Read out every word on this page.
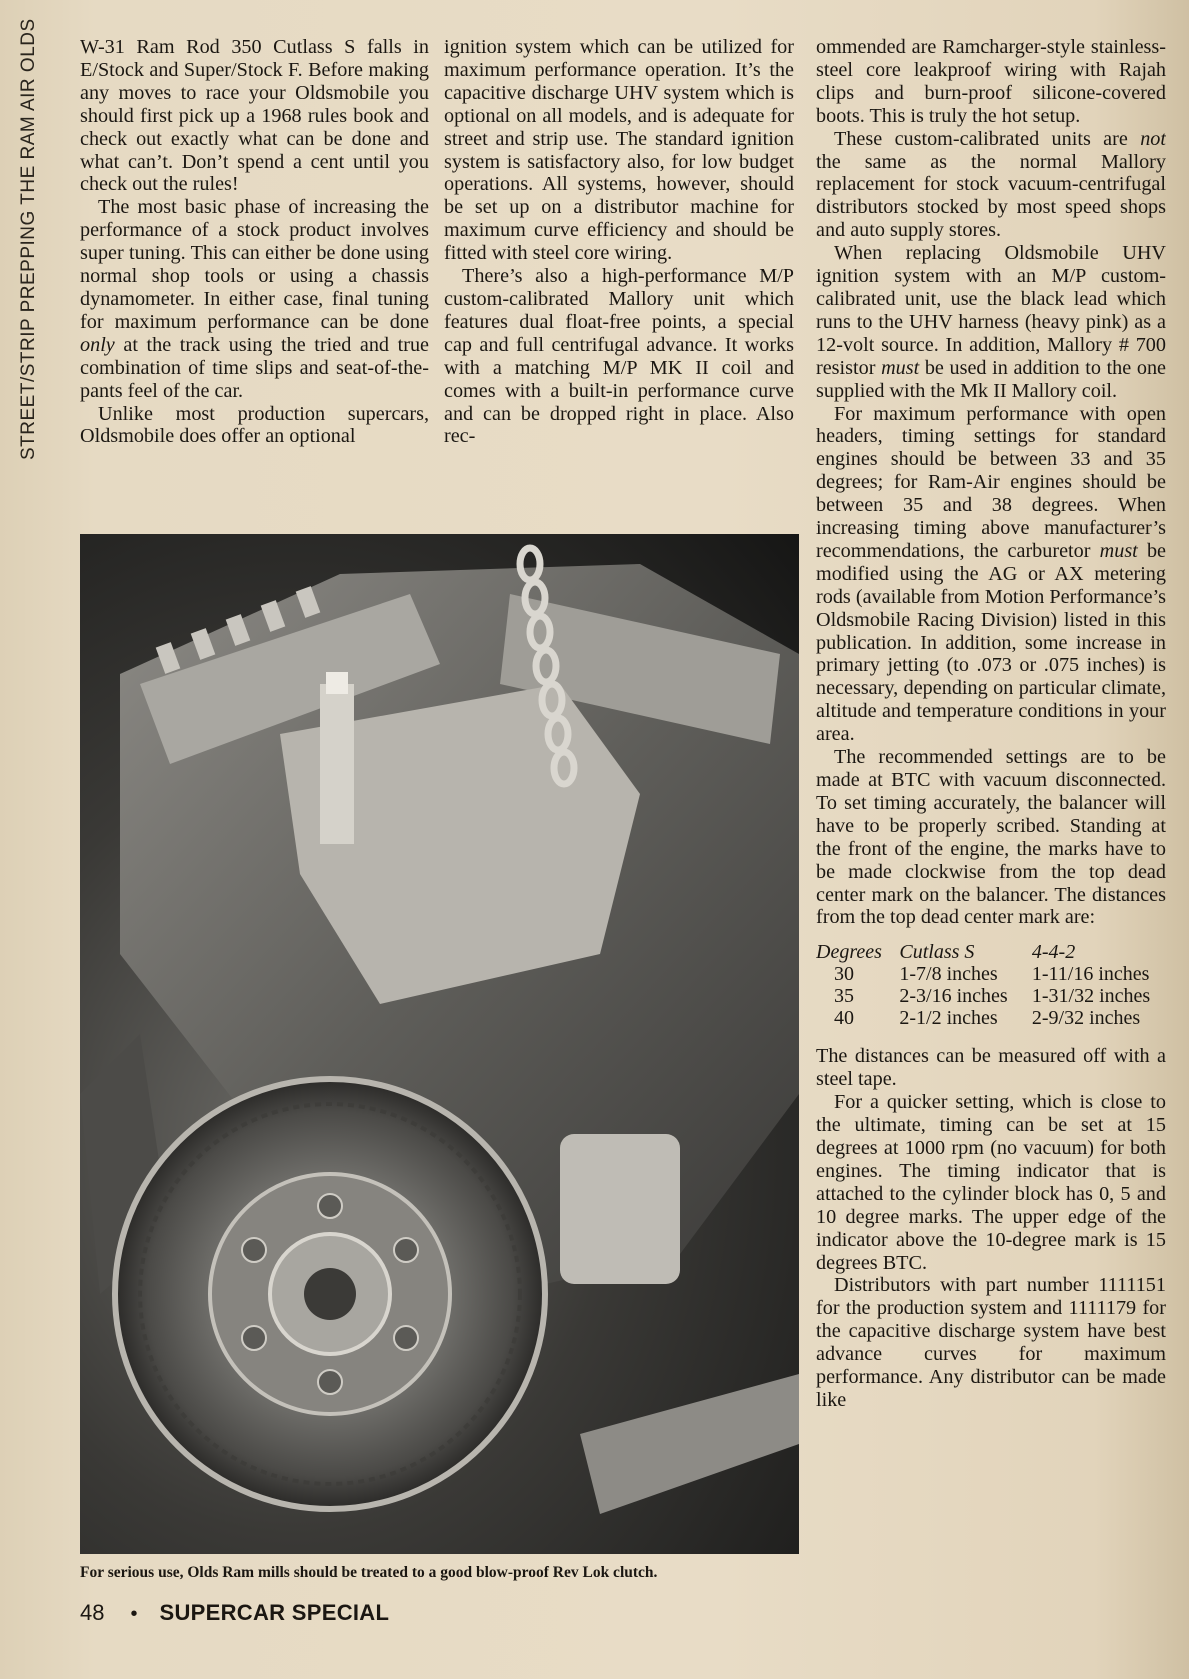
STREET/STRIP PREPPING THE RAM AIR OLDS W-31 Ram Rod 350 Cutlass S falls in E/Stock and Super/Stock F. Before making any moves to race your Oldsmobile you should first pick up a 1968 rules book and check out exactly what can be done and what can’t. Don’t spend a cent until you check out the rules!

The most basic phase of increasing the performance of a stock product involves super tuning. This can either be done using normal shop tools or using a chassis dynamometer. In either case, final tuning for maximum performance can be done only at the track using the tried and true combination of time slips and seat-of-the-pants feel of the car.

Unlike most production supercars, Oldsmobile does offer an optional

ignition system which can be utilized for maximum performance operation. It’s the capacitive discharge UHV system which is optional on all models, and is adequate for street and strip use. The standard ignition system is satisfactory also, for low budget operations. All systems, however, should be set up on a distributor machine for maximum curve efficiency and should be fitted with steel core wiring.

There’s also a high-performance M/P custom-calibrated Mallory unit which features dual float-free points, a special cap and full centrifugal advance. It works with a matching M/P MK II coil and comes with a built-in performance curve and can be dropped right in place. Also rec-

ommended are Ramcharger-style stainless-steel core leakproof wiring with Rajah clips and burn-proof silicone-covered boots. This is truly the hot setup.

These custom-calibrated units are not the same as the normal Mallory replacement for stock vacuum-centrifugal distributors stocked by most speed shops and auto supply stores.

When replacing Oldsmobile UHV ignition system with an M/P custom-calibrated unit, use the black lead which runs to the UHV harness (heavy pink) as a 12-volt source. In addition, Mallory # 700 resistor must be used in addition to the one supplied with the Mk II Mallory coil.

For maximum performance with open headers, timing settings for standard engines should be between 33 and 35 degrees; for Ram-Air engines should be between 35 and 38 degrees. When increasing timing above manufacturer’s recommendations, the carburetor must be modified using the AG or AX metering rods (available from Motion Performance’s Oldsmobile Racing Division) listed in this publication. In addition, some increase in primary jetting (to .073 or .075 inches) is necessary, depending on particular climate, altitude and temperature conditions in your area.

The recommended settings are to be made at BTC with vacuum disconnected. To set timing accurately, the balancer will have to be properly scribed. Standing at the front of the engine, the marks have to be made clockwise from the top dead center mark on the balancer. The distances from the top dead center mark are:

Degrees	Cutlass S	4-4-2
30	1-7/8 inches	1-11/16 inches
35	2-3/16 inches	1-31/32 inches
40	2-1/2 inches	2-9/32 inches

The distances can be measured off with a steel tape.

For a quicker setting, which is close to the ultimate, timing can be set at 15 degrees at 1000 rpm (no vacuum) for both engines. The timing indicator that is attached to the cylinder block has 0, 5 and 10 degree marks. The upper edge of the indicator above the 10-degree mark is 15 degrees BTC.

Distributors with part number 1111151 for the production system and 1111179 for the capacitive discharge system have best advance curves for maximum performance. Any distributor can be made like

For serious use, Olds Ram mills should be treated to a good blow-proof Rev Lok clutch.
48 • SUPERCAR SPECIAL
